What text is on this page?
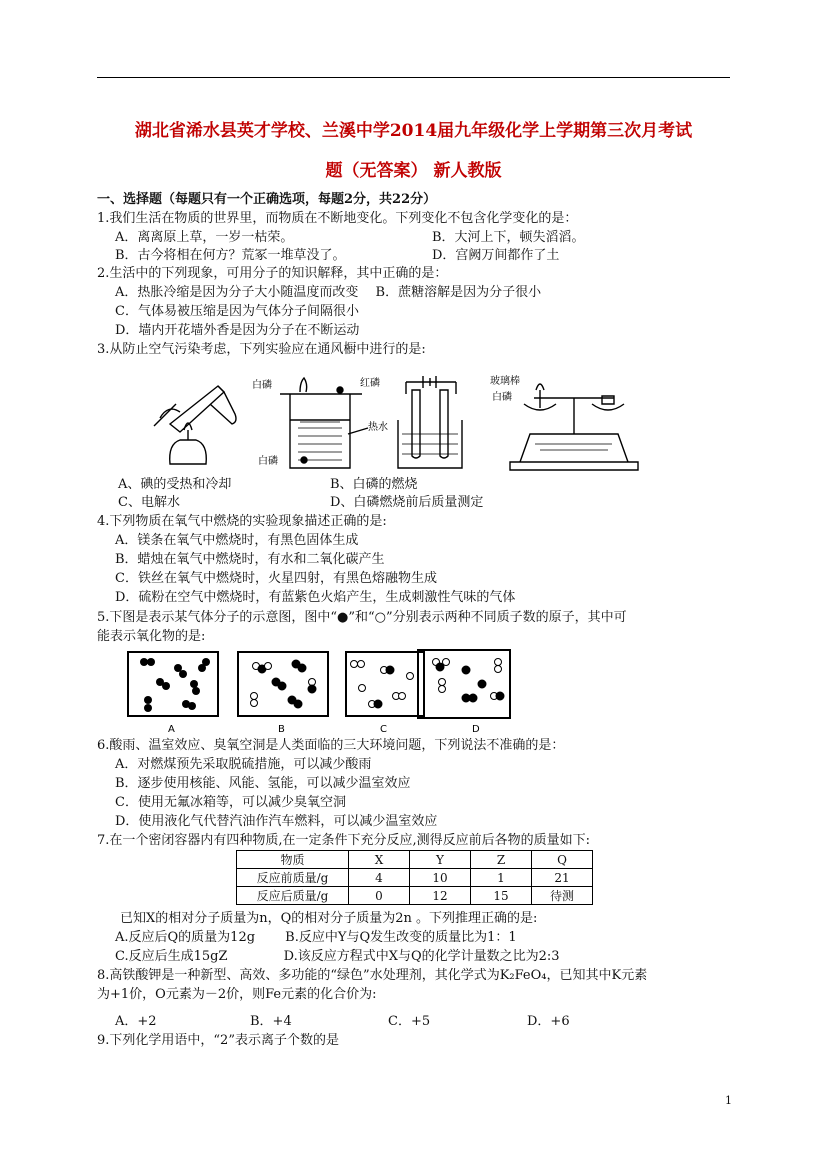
湖北省浠水县英才学校、兰溪中学2014届九年级化学上学期第三次月考试
题（无答案） 新人教版
一、选择题（每题只有一个正确选项，每题2分，共22分）
1.我们生活在物质的世界里，而物质在不断地变化。下列变化不包含化学变化的是：
A．离离原上草，一岁一枯荣。	B．大河上下，顿失滔滔。
B．古今将相在何方？荒冢一堆草没了。	D．宫阙万间都作了土
2.生活中的下列现象，可用分子的知识解释，其中正确的是：
A．热胀冷缩是因为分子大小随温度而改变　 B．蔗糖溶解是因为分子很小
C．气体易被压缩是因为气体分子间隔很小
D．墙内开花墙外香是因为分子在不断运动
3.从防止空气污染考虑，下列实验应在通风橱中进行的是:
白磷	红磷
热水
白磷
玻璃棒
白磷
A、碘的受热和冷却	B、白磷的燃烧
C、电解水	D、白磷燃烧前后质量测定
4.下列物质在氧气中燃烧的实验现象描述正确的是:
A．镁条在氧气中燃烧时，有黑色固体生成
B．蜡烛在氧气中燃烧时，有水和二氧化碳产生
C．铁丝在氧气中燃烧时，火星四射，有黑色熔融物生成
D．硫粉在空气中燃烧时，有蓝紫色火焰产生，生成刺激性气味的气体
5.下图是表示某气体分子的示意图，图中“●”和“○”分别表示两种不同质子数的原子，其中可
能表示氧化物的是:
A	B	C	D
6.酸雨、温室效应、臭氧空洞是人类面临的三大环境问题，下列说法不准确的是：
A．对燃煤预先采取脱硫措施，可以减少酸雨
B．逐步使用核能、风能、氢能，可以减少温室效应
C．使用无氟冰箱等，可以减少臭氧空洞
D．使用液化气代替汽油作汽车燃料，可以减少温室效应
7.在一个密闭容器内有四种物质,在一定条件下充分反应,测得反应前后各物的质量如下:
物质	X	Y	Z	Q
反应前质量/g	4	10	1	21
反应后质量/g	0	12	15	待测
已知X的相对分子质量为n，Q的相对分子质量为2n 。下列推理正确的是:
A.反应后Q的质量为12g　　 B.反应中Y与Q发生改变的质量比为1：1
C.反应后生成15gZ　　　　 D.该反应方程式中X与Q的化学计量数之比为2:3
8.高铁酸钾是一种新型、高效、多功能的“绿色”水处理剂，其化学式为K₂FeO₄，已知其中K元素
为+1价，O元素为－2价，则Fe元素的化合价为:
A．+2	B．+4	C．+5	D．+6
9.下列化学用语中，“2”表示离子个数的是
1
